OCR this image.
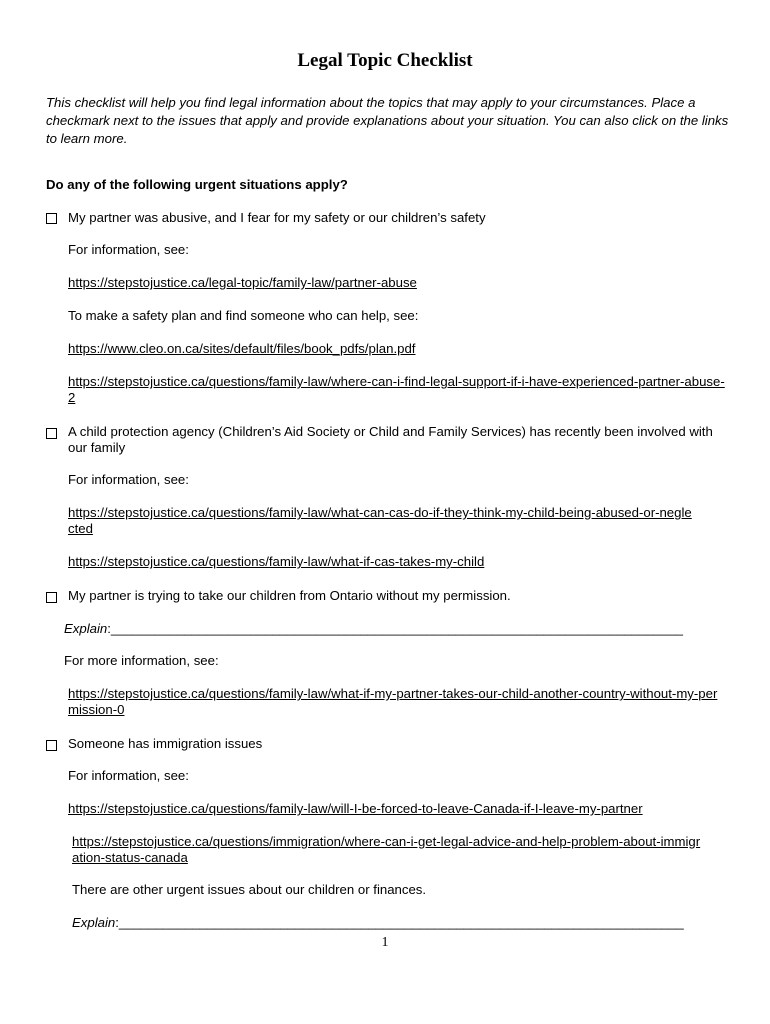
Legal Topic Checklist
This checklist will help you find legal information about the topics that may apply to your circumstances. Place a checkmark next to the issues that apply and provide explanations about your situation. You can also click on the links to learn more.
Do any of the following urgent situations apply?
My partner was abusive, and I fear for my safety or our children’s safety
For information, see:
https://stepstojustice.ca/legal-topic/family-law/partner-abuse
To make a safety plan and find someone who can help, see:
https://www.cleo.on.ca/sites/default/files/book_pdfs/plan.pdf
https://stepstojustice.ca/questions/family-law/where-can-i-find-legal-support-if-i-have-experienced-partner-abuse-2
A child protection agency (Children’s Aid Society or Child and Family Services) has recently been involved with our family
For information, see:
https://stepstojustice.ca/questions/family-law/what-can-cas-do-if-they-think-my-child-being-abused-or-neglected
https://stepstojustice.ca/questions/family-law/what-if-cas-takes-my-child
My partner is trying to take our children from Ontario without my permission.
Explain:______________________________________________________________________________
For more information, see:
https://stepstojustice.ca/questions/family-law/what-if-my-partner-takes-our-child-another-country-without-my-permission-0
Someone has immigration issues
For information, see:
https://stepstojustice.ca/questions/family-law/will-I-be-forced-to-leave-Canada-if-I-leave-my-partner
https://stepstojustice.ca/questions/immigration/where-can-i-get-legal-advice-and-help-problem-about-immigration-status-canada
There are other urgent issues about our children or finances.
Explain:_____________________________________________________________________________
1
